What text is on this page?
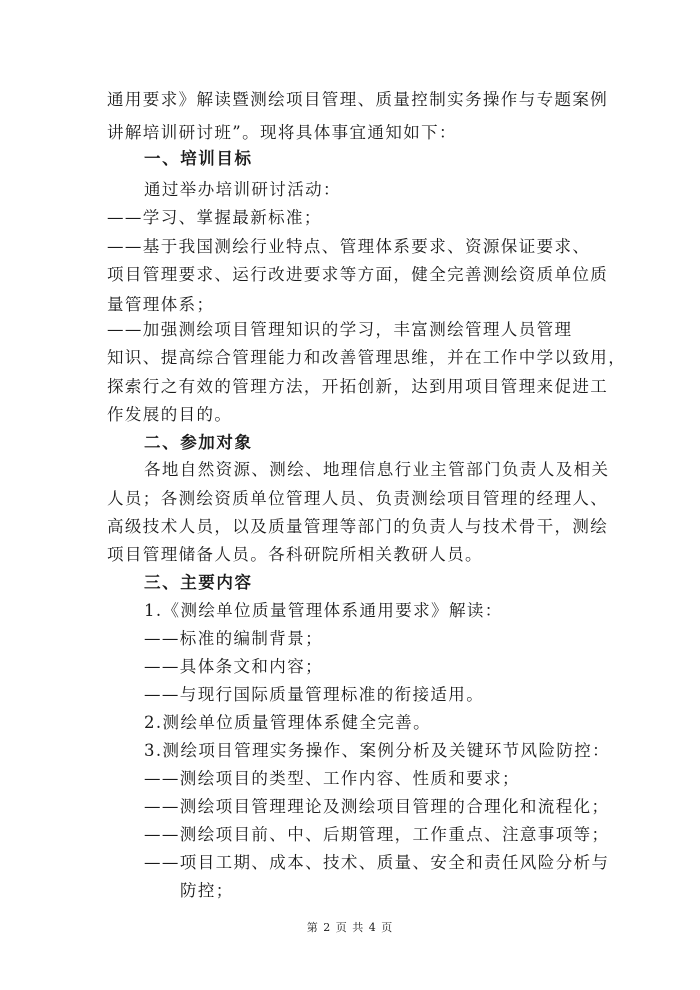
通用要求》解读暨测绘项目管理、质量控制实务操作与专题案例
讲解培训研讨班”。现将具体事宜通知如下：
一、培训目标
通过举办培训研讨活动：
——学习、掌握最新标准；
——基于我国测绘行业特点、管理体系要求、资源保证要求、
项目管理要求、运行改进要求等方面，健全完善测绘资质单位质
量管理体系；
——加强测绘项目管理知识的学习，丰富测绘管理人员管理
知识、提高综合管理能力和改善管理思维，并在工作中学以致用，
探索行之有效的管理方法，开拓创新，达到用项目管理来促进工
作发展的目的。
二、参加对象
各地自然资源、测绘、地理信息行业主管部门负责人及相关
人员；各测绘资质单位管理人员、负责测绘项目管理的经理人、
高级技术人员，以及质量管理等部门的负责人与技术骨干，测绘
项目管理储备人员。各科研院所相关教研人员。
三、主要内容
1.《测绘单位质量管理体系通用要求》解读：
——标准的编制背景；
——具体条文和内容；
——与现行国际质量管理标准的衔接适用。
2.测绘单位质量管理体系健全完善。
3.测绘项目管理实务操作、案例分析及关键环节风险防控：
——测绘项目的类型、工作内容、性质和要求；
——测绘项目管理理论及测绘项目管理的合理化和流程化；
——测绘项目前、中、后期管理，工作重点、注意事项等；
——项目工期、成本、技术、质量、安全和责任风险分析与
防控；
第 2 页 共 4 页
